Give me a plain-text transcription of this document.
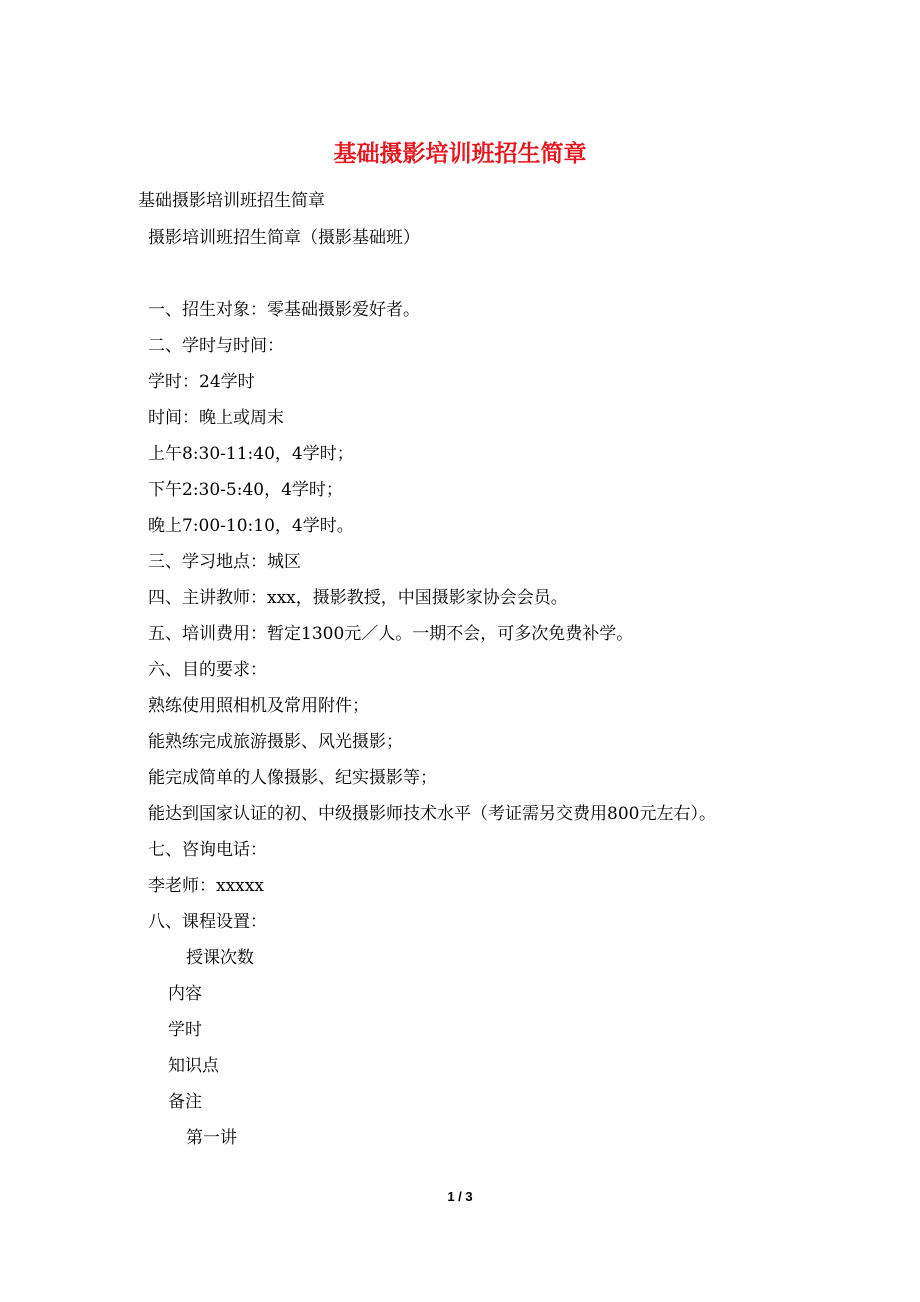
基础摄影培训班招生简章

基础摄影培训班招生简章

摄影培训班招生简章（摄影基础班）

一、招生对象：零基础摄影爱好者。

二、学时与时间：

学时：24学时

时间：晚上或周末

上午8:30-11:40，4学时；

下午2:30-5:40，4学时；

晚上7:00-10:10，4学时。

三、学习地点：城区

四、主讲教师：xxx，摄影教授，中国摄影家协会会员。

五、培训费用：暂定1300元／人。一期不会，可多次免费补学。

六、目的要求：

熟练使用照相机及常用附件；

能熟练完成旅游摄影、风光摄影；

能完成简单的人像摄影、纪实摄影等；

能达到国家认证的初、中级摄影师技术水平（考证需另交费用800元左右）。

七、咨询电话：

李老师：xxxxx

八、课程设置：

授课次数

内容

学时

知识点

备注

第一讲

1 / 3
